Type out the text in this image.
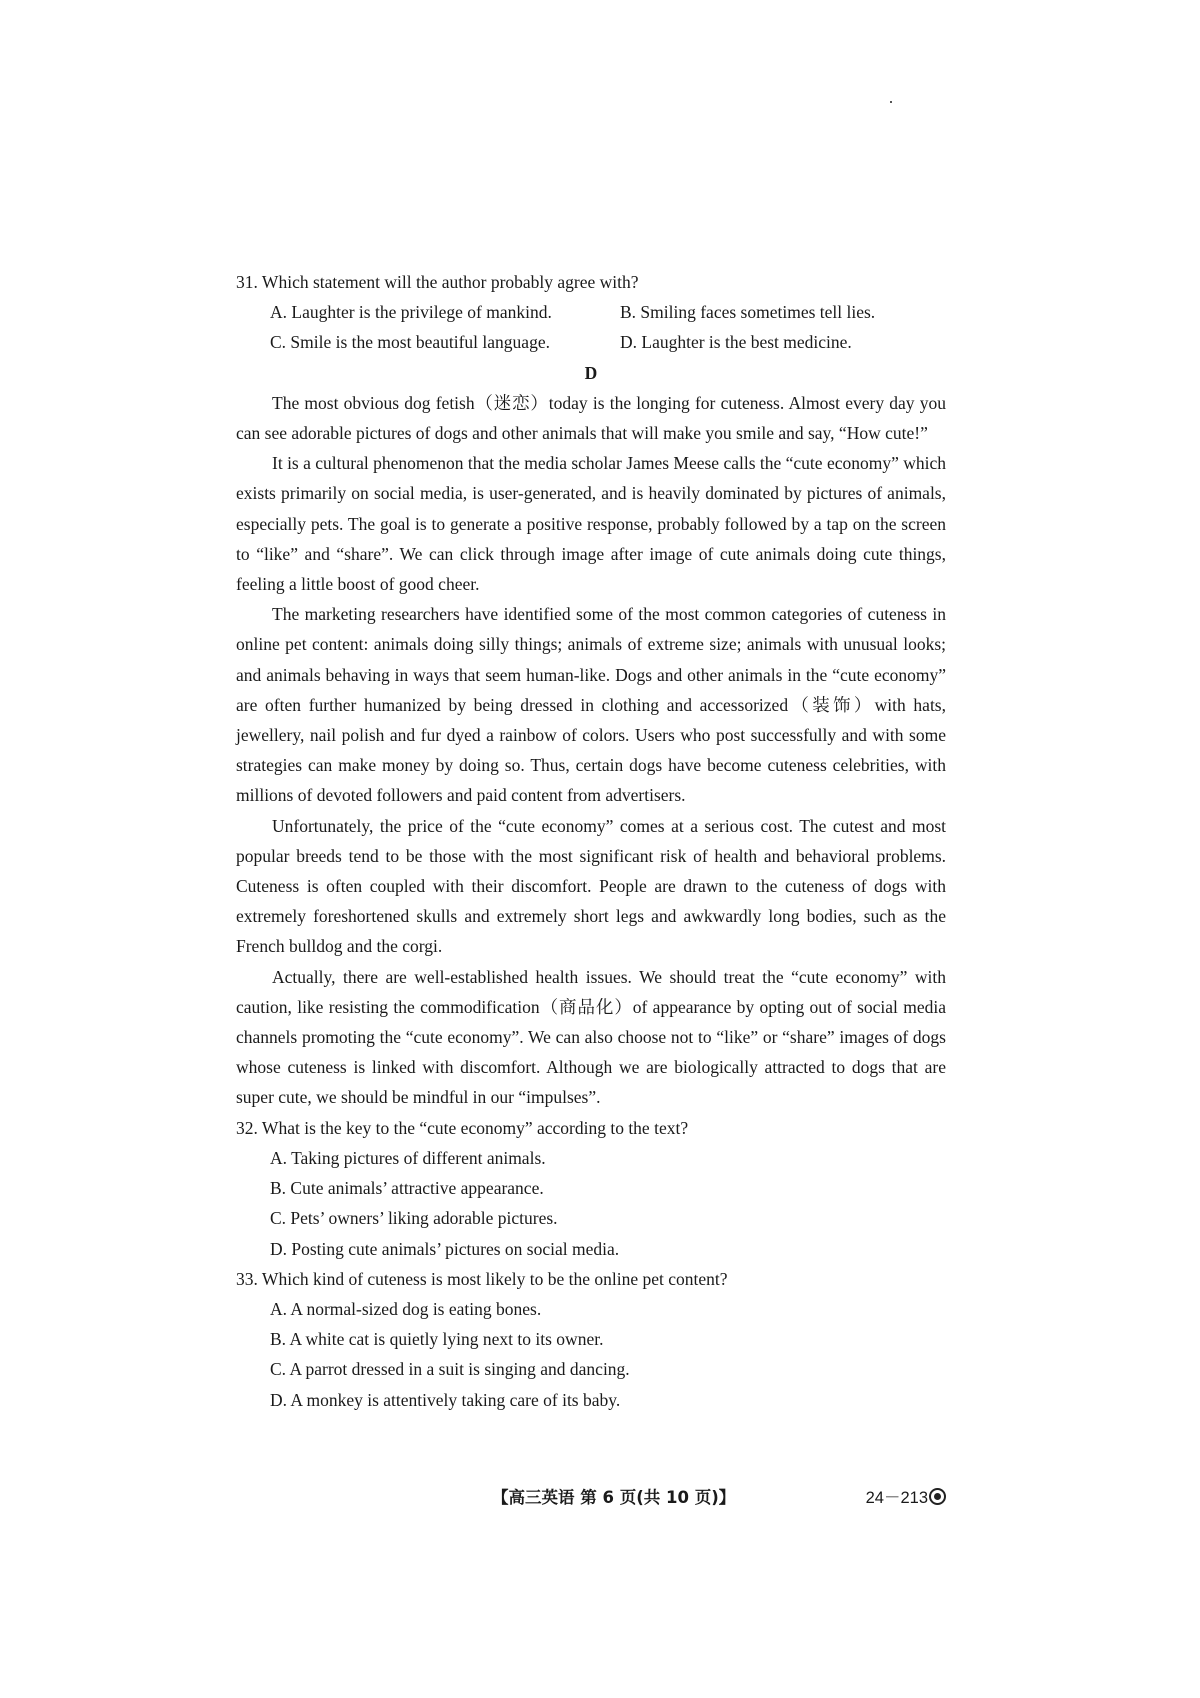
31. Which statement will the author probably agree with?

A. Laughter is the privilege of mankind.	B. Smiling faces sometimes tell lies.

C. Smile is the most beautiful language.	D. Laughter is the best medicine.

D

The most obvious dog fetish（迷恋）today is the longing for cuteness. Almost every day you can see adorable pictures of dogs and other animals that will make you smile and say, “How cute!”

It is a cultural phenomenon that the media scholar James Meese calls the “cute economy” which exists primarily on social media, is user-generated, and is heavily dominated by pictures of animals, especially pets. The goal is to generate a positive response, probably followed by a tap on the screen to “like” and “share”. We can click through image after image of cute animals doing cute things, feeling a little boost of good cheer.

The marketing researchers have identified some of the most common categories of cuteness in online pet content: animals doing silly things; animals of extreme size; animals with unusual looks; and animals behaving in ways that seem human-like. Dogs and other animals in the “cute economy” are often further humanized by being dressed in clothing and accessorized（装饰）with hats, jewellery, nail polish and fur dyed a rainbow of colors. Users who post successfully and with some strategies can make money by doing so. Thus, certain dogs have become cuteness celebrities, with millions of devoted followers and paid content from advertisers.

Unfortunately, the price of the “cute economy” comes at a serious cost. The cutest and most popular breeds tend to be those with the most significant risk of health and behavioral problems. Cuteness is often coupled with their discomfort. People are drawn to the cuteness of dogs with extremely foreshortened skulls and extremely short legs and awkwardly long bodies, such as the French bulldog and the corgi.

Actually, there are well-established health issues. We should treat the “cute economy” with caution, like resisting the commodification（商品化）of appearance by opting out of social media channels promoting the “cute economy”. We can also choose not to “like” or “share” images of dogs whose cuteness is linked with discomfort. Although we are biologically attracted to dogs that are super cute, we should be mindful in our “impulses”.

32. What is the key to the “cute economy” according to the text?

A. Taking pictures of different animals.

B. Cute animals’ attractive appearance.

C. Pets’ owners’ liking adorable pictures.

D. Posting cute animals’ pictures on social media.

33. Which kind of cuteness is most likely to be the online pet content?

A. A normal-sized dog is eating bones.

B. A white cat is quietly lying next to its owner.

C. A parrot dressed in a suit is singing and dancing.

D. A monkey is attentively taking care of its baby.

【高三英语 第 6 页(共 10 页)】	24－213
